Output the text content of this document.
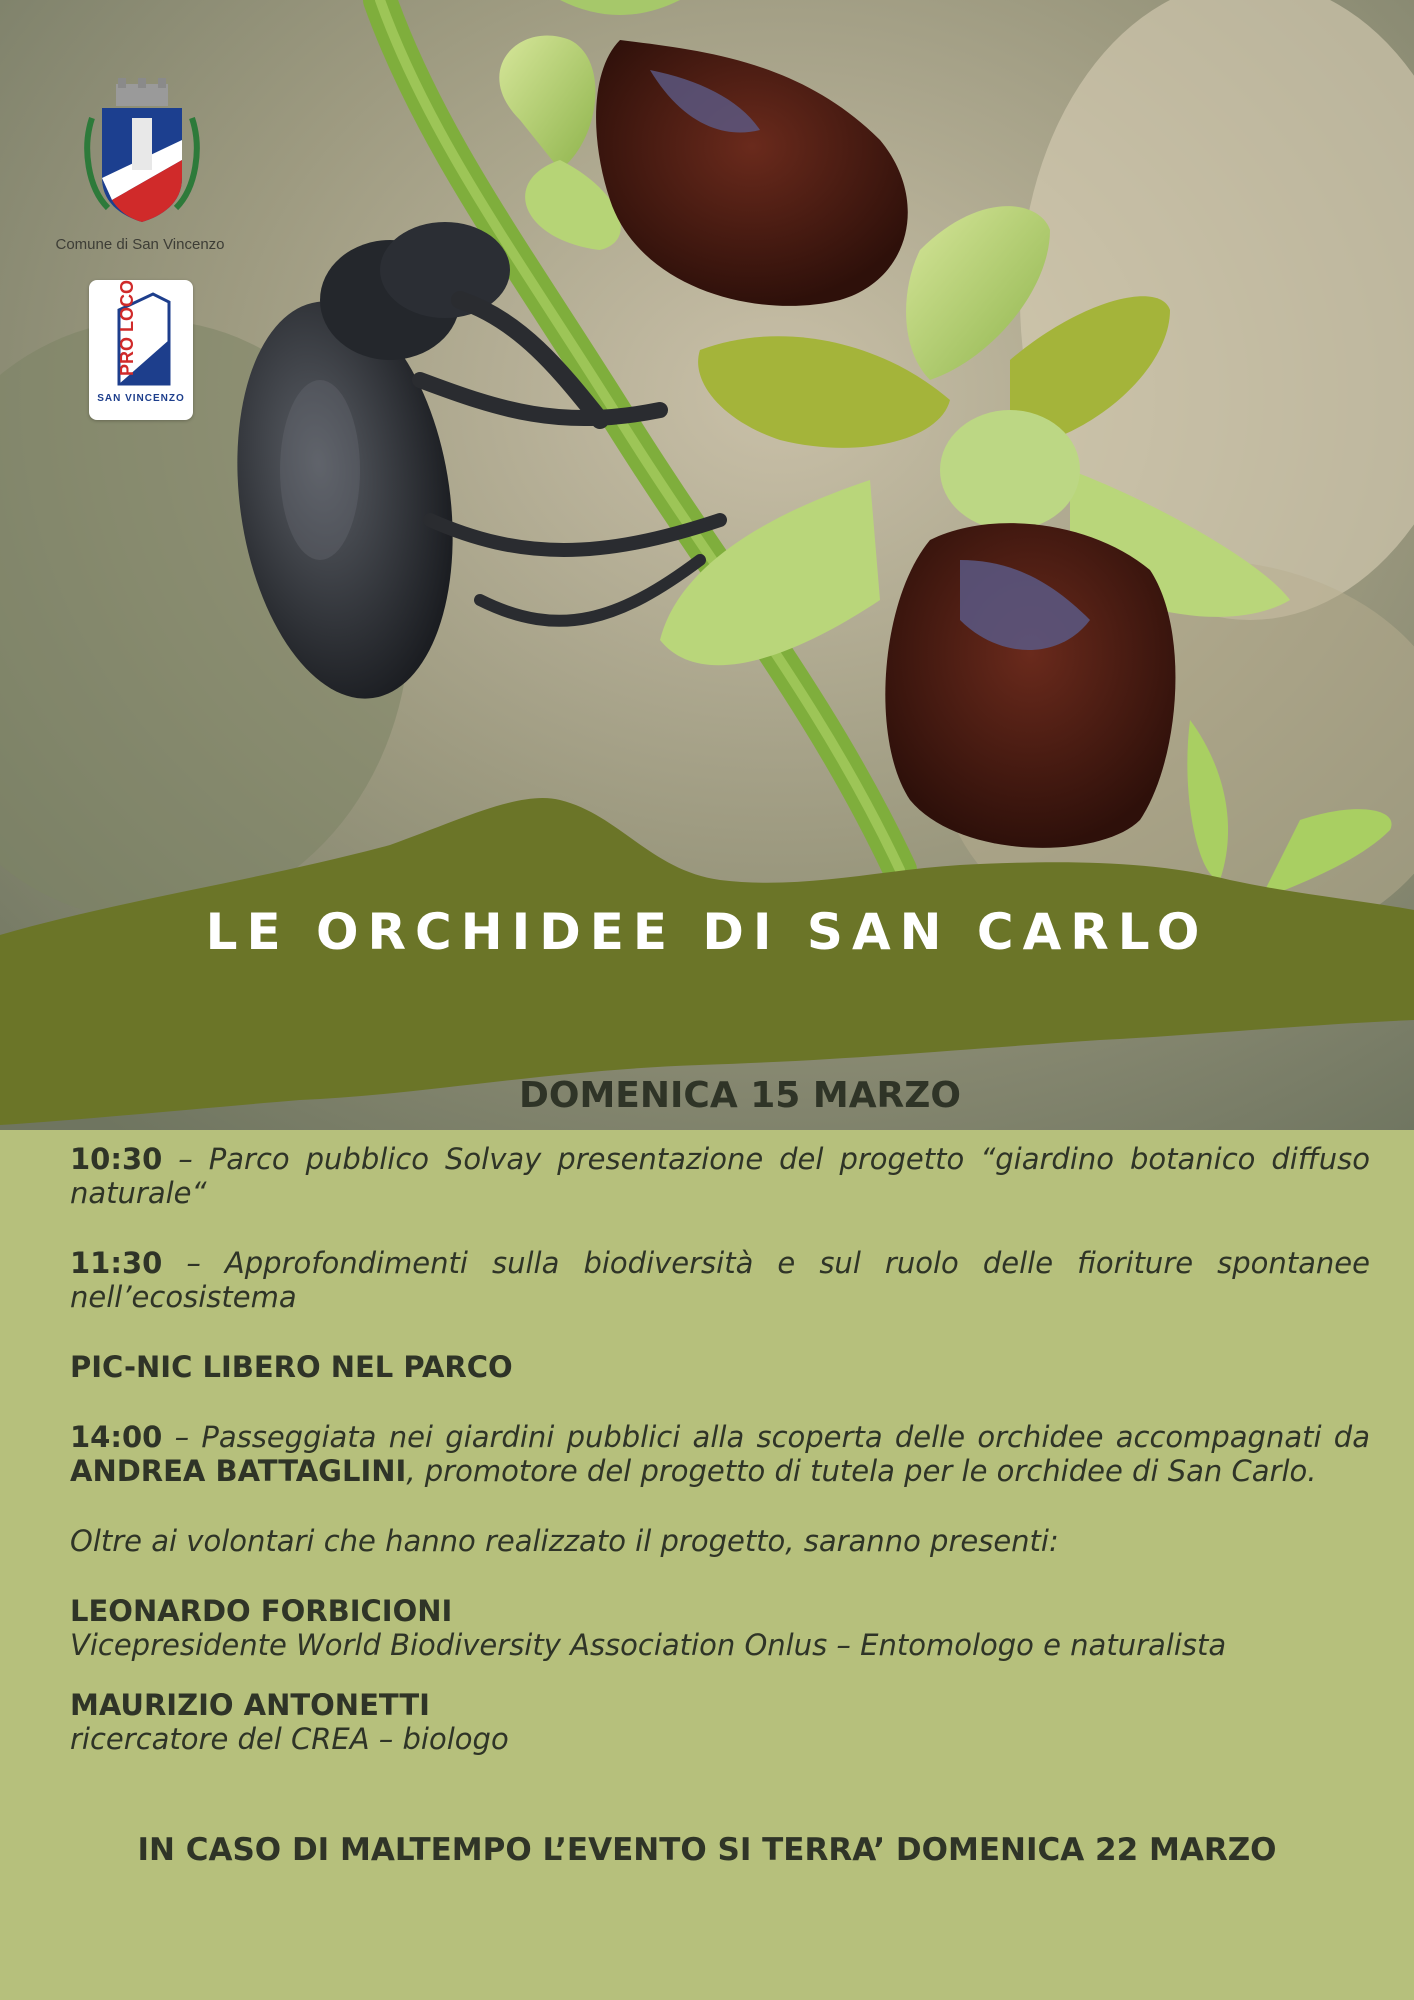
Comune di San Vincenzo
PRO LOCO
SAN VINCENZO
LE ORCHIDEE DI SAN CARLO
DOMENICA 15 MARZO
10:30 – Parco pubblico Solvay presentazione del progetto “giardino botanico diffuso naturale“
11:30 – Approfondimenti sulla biodiversità e sul ruolo delle fioriture spontanee nell’ecosistema
PIC-NIC LIBERO NEL PARCO
14:00 – Passeggiata nei giardini pubblici alla scoperta delle orchidee accompagnati da ANDREA BATTAGLINI, promotore del progetto di tutela per le orchidee di San Carlo.
Oltre ai volontari che hanno realizzato il progetto, saranno presenti:
LEONARDO FORBICIONI
Vicepresidente World Biodiversity Association Onlus – Entomologo e naturalista
MAURIZIO ANTONETTI
ricercatore del CREA – biologo
IN CASO DI MALTEMPO L’EVENTO SI TERRA’ DOMENICA 22 MARZO
